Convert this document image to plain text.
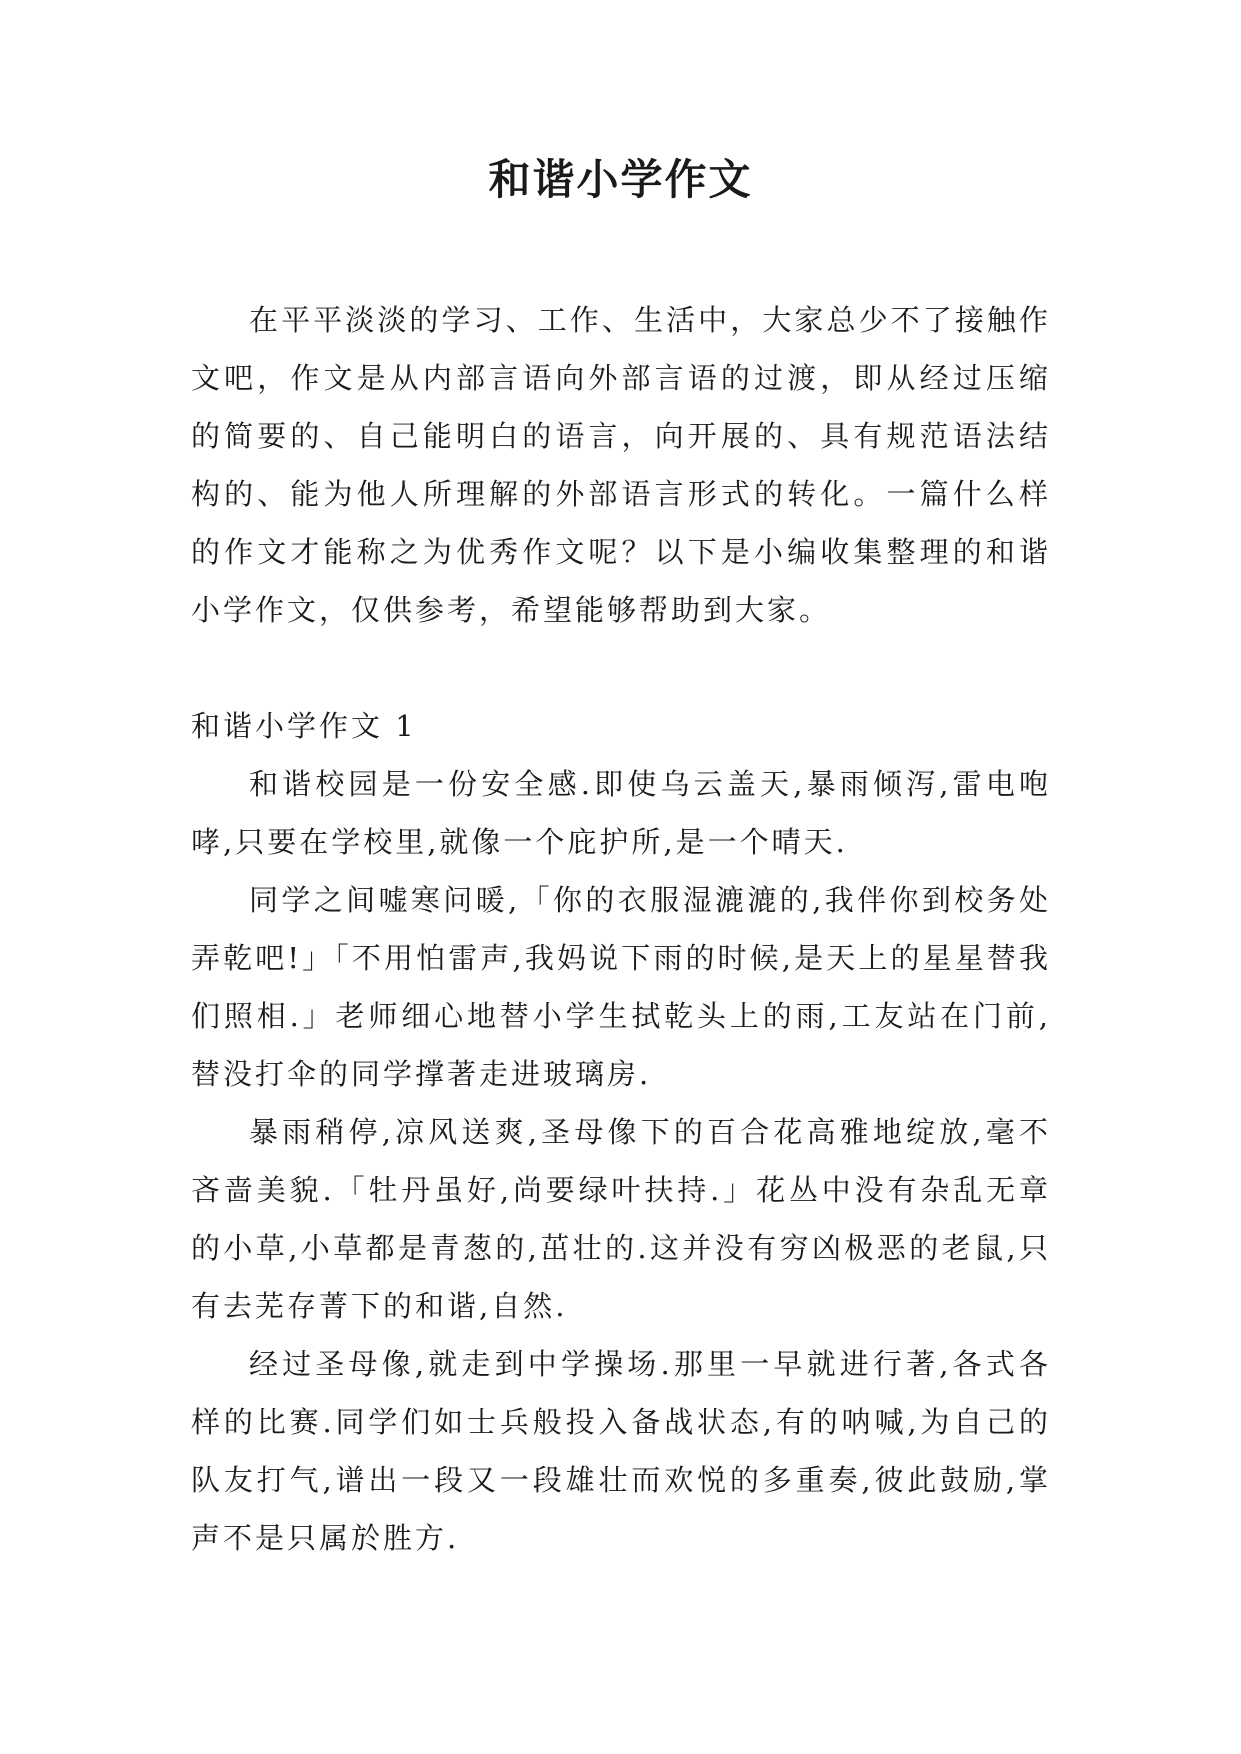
和谐小学作文

在平平淡淡的学习、工作、生活中，大家总少不了接触作文吧，作文是从内部言语向外部言语的过渡，即从经过压缩的简要的、自己能明白的语言，向开展的、具有规范语法结构的、能为他人所理解的外部语言形式的转化。一篇什么样的作文才能称之为优秀作文呢？以下是小编收集整理的和谐小学作文，仅供参考，希望能够帮助到大家。

和谐小学作文 1

和谐校园是一份安全感.即使乌云盖天,暴雨倾泻,雷电咆哮,只要在学校里,就像一个庇护所,是一个晴天.

同学之间嘘寒问暖,「你的衣服湿漉漉的,我伴你到校务处弄乾吧!」「不用怕雷声,我妈说下雨的时候,是天上的星星替我们照相.」老师细心地替小学生拭乾头上的雨,工友站在门前,替没打伞的同学撑著走进玻璃房.

暴雨稍停,凉风送爽,圣母像下的百合花高雅地绽放,毫不吝啬美貌.「牡丹虽好,尚要绿叶扶持.」花丛中没有杂乱无章的小草,小草都是青葱的,茁壮的.这并没有穷凶极恶的老鼠,只有去芜存菁下的和谐,自然.

经过圣母像,就走到中学操场.那里一早就进行著,各式各样的比赛.同学们如士兵般投入备战状态,有的呐喊,为自己的队友打气,谱出一段又一段雄壮而欢悦的多重奏,彼此鼓励,掌声不是只属於胜方.
